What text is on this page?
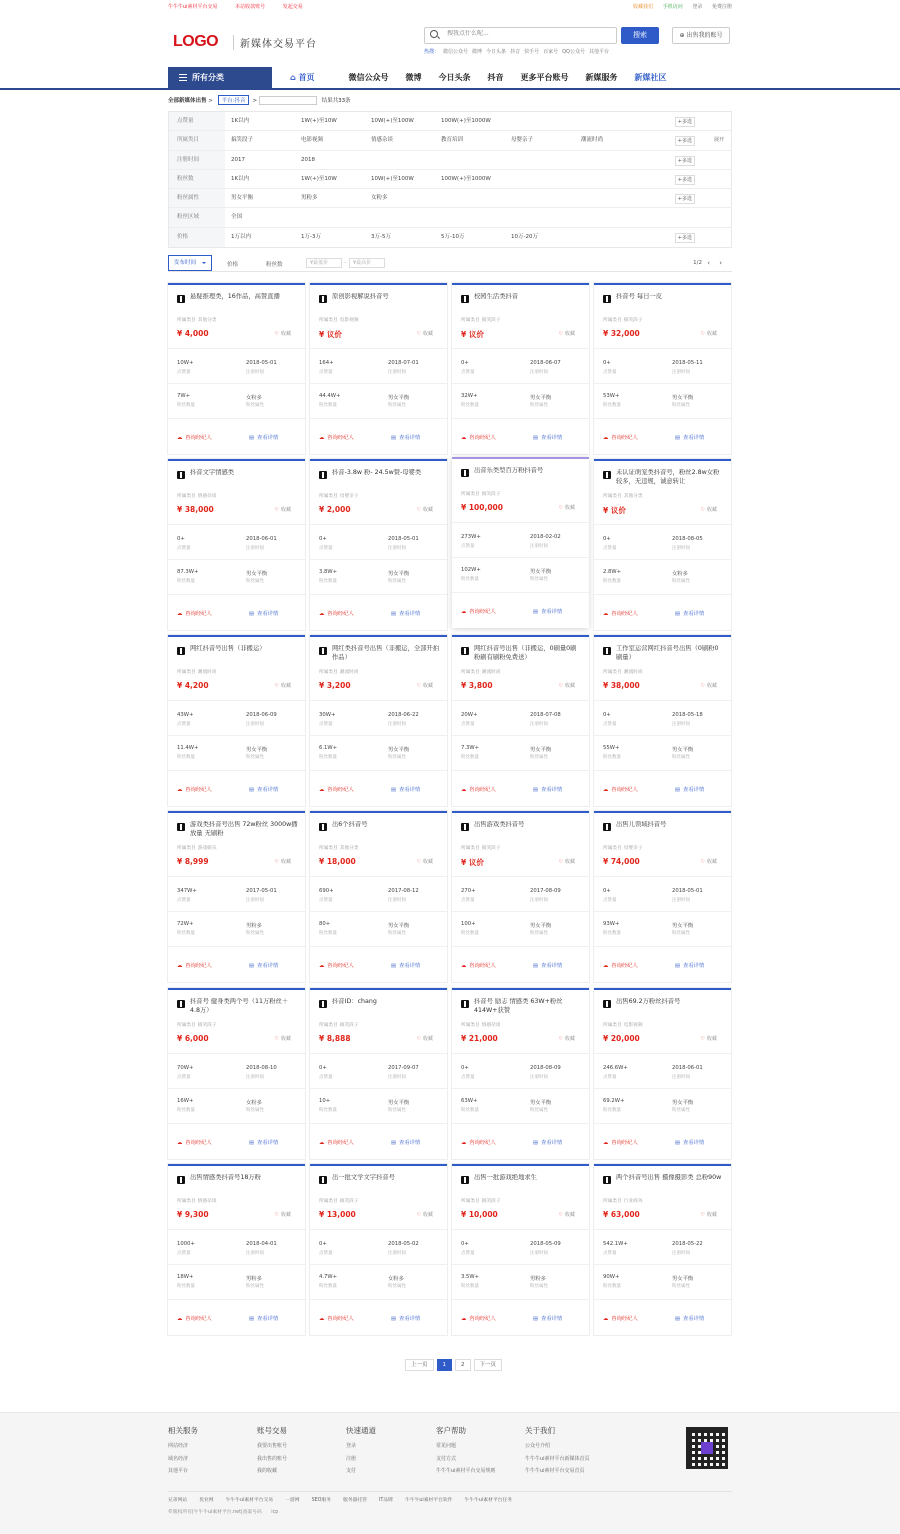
牛牛牛ui素材平台交易	本站收款账号	发起交易	收藏我们 手机访问 登录 免费注册
LOGO	新媒体交易平台
搜我点什么呢...
搜索	⊕ 出售我的账号
热搜： 微信公众号 微博 今日头条 抖音 快手号 百家号 QQ公众号 其他平台
所有分类	⌂ 首页	微信公众号 微博 今日头条 抖音 更多平台账号 新媒服务 新媒社区
全部新媒体出售 > 平台:抖音 >	结果共33条
点赞量	1K以内	1W(+)至10W	10W(+)至100W	100W(+)至1000W	+多选
所属类目	搞笑段子	电影视频	情感杂谈	教育培训	母婴亲子	潮流时尚	+多选	展开
注册时间	2017	2018	+多选
粉丝数	1K以内	1W(+)至10W	10W(+)至100W	100W(+)至1000W	+多选
粉丝属性	男女平衡	男粉多	女粉多	+多选
粉丝区域	全国
价格	1万以内	1万-3万	3万-5万	5万-10万	10万-20万	+多选
发布时间	价格	粉丝数	¥最低价	-	¥最高价	1/2 ‹ ›
悬疑推理类，16作品，高赞直播
所属类目 其他分类
¥ 4,000	♡ 收藏
10W+
点赞量
2018-05-01
注册时间
7W+
粉丝数量
女粉多
粉丝属性
☁ 咨询经纪人	▤ 查看详情
原创影视解说抖音号
所属类目 电影视频
¥ 议价	♡ 收藏
164+
点赞量
2018-07-01
注册时间
44.4W+
粉丝数量
男女平衡
粉丝属性
☁ 咨询经纪人	▤ 查看详情
校园生活类抖音
所属类目 搞笑段子
¥ 议价	♡ 收藏
0+
点赞量
2018-06-07
注册时间
32W+
粉丝数量
男女平衡
粉丝属性
☁ 咨询经纪人	▤ 查看详情
抖音号 每日一皮
所属类目 搞笑段子
¥ 32,000	♡ 收藏
0+
点赞量
2018-05-11
注册时间
53W+
粉丝数量
男女平衡
粉丝属性
☁ 咨询经纪人	▤ 查看详情
抖音文字情感类
所属类目 情感杂谈
¥ 38,000	♡ 收藏
0+
点赞量
2018-06-01
注册时间
87.3W+
粉丝数量
男女平衡
粉丝属性
☁ 咨询经纪人	▤ 查看详情
抖音-3.8w 粉- 24.5w赞-母婴类
所属类目 母婴亲子
¥ 2,000	♡ 收藏
0+
点赞量
2018-05-01
注册时间
3.8W+
粉丝数量
男女平衡
粉丝属性
☁ 咨询经纪人	▤ 查看详情
出音乐类型百万粉抖音号
所属类目 搞笑段子
¥ 100,000	♡ 收藏
273W+
点赞量
2018-02-02
注册时间
102W+
粉丝数量
男女平衡
粉丝属性
☁ 咨询经纪人	▤ 查看详情
未认证萌宠类抖音号，粉丝2.8w女粉较多，无违规，诚意转让
所属类目 其他分类
¥ 议价	♡ 收藏
0+
点赞量
2018-08-05
注册时间
2.8W+
粉丝数量
女粉多
粉丝属性
☁ 咨询经纪人	▤ 查看详情
网红抖音号出售（非搬运）
所属类目 潮流时尚
¥ 4,200	♡ 收藏
43W+
点赞量
2018-06-09
注册时间
11.4W+
粉丝数量
男女平衡
粉丝属性
☁ 咨询经纪人	▤ 查看详情
网红类抖音号出售（非搬运，全部开拍作品）
所属类目 潮流时尚
¥ 3,200	♡ 收藏
30W+
点赞量
2018-06-22
注册时间
6.1W+
粉丝数量
男女平衡
粉丝属性
☁ 咨询经纪人	▤ 查看详情
网红抖音号出售（非搬运，0刷量0刷粉刷有刷粉免费送）
所属类目 潮流时尚
¥ 3,800	♡ 收藏
20W+
点赞量
2018-07-08
注册时间
7.3W+
粉丝数量
男女平衡
粉丝属性
☁ 咨询经纪人	▤ 查看详情
工作室运营网红抖音号出售（0刷粉0刷量）
所属类目 潮流时尚
¥ 38,000	♡ 收藏
0+
点赞量
2018-05-18
注册时间
55W+
粉丝数量
男女平衡
粉丝属性
☁ 咨询经纪人	▤ 查看详情
游戏类抖音号出售 72w粉丝 3000w播放量 无刷粉
所属类目 游戏娱乐
¥ 8,999	♡ 收藏
347W+
点赞量
2017-05-01
注册时间
72W+
粉丝数量
男粉多
粉丝属性
☁ 咨询经纪人	▤ 查看详情
出6个抖音号
所属类目 其他分类
¥ 18,000	♡ 收藏
690+
点赞量
2017-08-12
注册时间
80+
粉丝数量
男女平衡
粉丝属性
☁ 咨询经纪人	▤ 查看详情
出售游戏类抖音号
所属类目 搞笑段子
¥ 议价	♡ 收藏
270+
点赞量
2017-08-09
注册时间
100+
粉丝数量
男女平衡
粉丝属性
☁ 咨询经纪人	▤ 查看详情
出售儿领域抖音号
所属类目 母婴亲子
¥ 74,000	♡ 收藏
0+
点赞量
2018-05-01
注册时间
93W+
粉丝数量
男女平衡
粉丝属性
☁ 咨询经纪人	▤ 查看详情
抖音号 健身类两个号（11万粉丝＋4.8万）
所属类目 搞笑段子
¥ 6,000	♡ 收藏
70W+
点赞量
2018-08-10
注册时间
16W+
粉丝数量
女粉多
粉丝属性
☁ 咨询经纪人	▤ 查看详情
抖音ID：chang
所属类目 搞笑段子
¥ 8,888	♡ 收藏
0+
点赞量
2017-09-07
注册时间
10+
粉丝数量
男女平衡
粉丝属性
☁ 咨询经纪人	▤ 查看详情
抖音号 励志 情感类 63W+粉丝 414W+获赞
所属类目 情感杂谈
¥ 21,000	♡ 收藏
0+
点赞量
2018-08-09
注册时间
63W+
粉丝数量
男女平衡
粉丝属性
☁ 咨询经纪人	▤ 查看详情
出售69.2万粉丝抖音号
所属类目 电影视频
¥ 20,000	♡ 收藏
246.6W+
点赞量
2018-06-01
注册时间
69.2W+
粉丝数量
男女平衡
粉丝属性
☁ 咨询经纪人	▤ 查看详情
出售情感类抖音号18万粉
所属类目 情感杂谈
¥ 9,300	♡ 收藏
1000+
点赞量
2018-04-01
注册时间
18W+
粉丝数量
男粉多
粉丝属性
☁ 咨询经纪人	▤ 查看详情
出一批文学文字抖音号
所属类目 搞笑段子
¥ 13,000	♡ 收藏
0+
点赞量
2018-05-02
注册时间
4.7W+
粉丝数量
女粉多
粉丝属性
☁ 咨询经纪人	▤ 查看详情
出售一批游戏绝地求生
所属类目 搞笑段子
¥ 10,000	♡ 收藏
0+
点赞量
2018-05-09
注册时间
3.5W+
粉丝数量
男粉多
粉丝属性
☁ 咨询经纪人	▤ 查看详情
两个抖音号出售 摄像摄影类 总粉90w
所属类目 行业商务
¥ 63,000	♡ 收藏
542.1W+
点赞量
2018-05-22
注册时间
90W+
粉丝数量
男女平衡
粉丝属性
☁ 咨询经纪人	▤ 查看详情
上一页	1	2	下一页
相关服务
网站经济
域名经济
其他平台
账号交易
我要出售账号
我出售的账号
我的收藏
快速通道
登录
注册
支付
客户帮助
常见问题
支付方式
牛牛牛ui素材平台交易规则
关于我们
公众号介绍
牛牛牛ui素材平台新媒体首页
牛牛牛ui素材平台交易首页
兄弟网站	优业网	牛牛牛ui素材平台交易	一游网	SEO服务	服务器托管	IT品牌	牛牛牛ui素材平台软件	牛牛牛ui素材平台任务
©版权所有|牛牛牛ui素材平台.net|备案号码 icp
